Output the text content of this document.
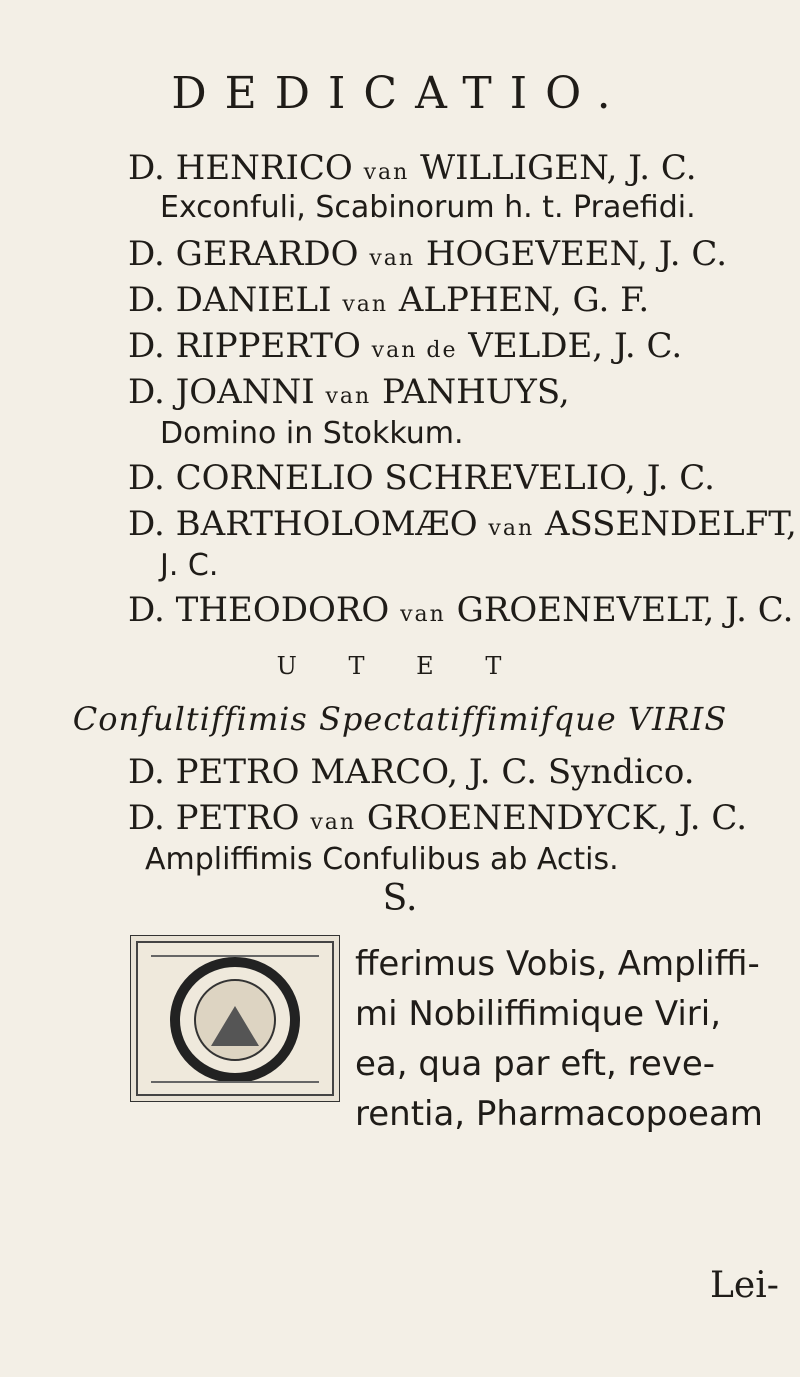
DEDICATIO.
D. HENRICO van WILLIGEN, J. C.
Exconfuli, Scabinorum h. t. Praefidi.
D. GERARDO van HOGEVEEN, J. C.
D. DANIELI van ALPHEN, G. F.
D. RIPPERTO van de VELDE, J. C.
D. JOANNI van PANHUYS,
Domino in Stokkum.
D. CORNELIO SCHREVELIO, J. C.
D. BARTHOLOMÆO van ASSENDELFT,
J. C.
D. THEODORO van GROENEVELT, J. C.
U T E T
Confultiffimis Spectatiffimifque VIRIS
D. PETRO MARCO, J. C. Syndico.
D. PETRO van GROENENDYCK, J. C.
Ampliffimis Confulibus ab Actis.
S.
fferimus Vobis, Ampliffi-
mi Nobiliffimique Viri,
ea, qua par eft, reve-
rentia, Pharmacopoeam
Lei-
